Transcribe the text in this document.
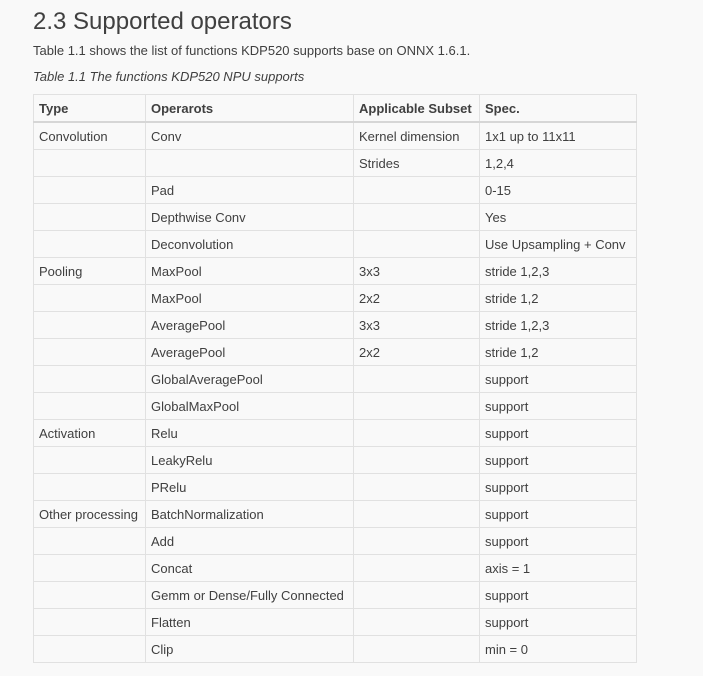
2.3 Supported operators

Table 1.1 shows the list of functions KDP520 supports base on ONNX 1.6.1.

Table 1.1 The functions KDP520 NPU supports

Type	Operarots	Applicable Subset	Spec.
Convolution	Conv	Kernel dimension	1x1 up to 11x11
		Strides	1,2,4
	Pad		0-15
	Depthwise Conv		Yes
	Deconvolution		Use Upsampling + Conv
Pooling	MaxPool	3x3	stride 1,2,3
	MaxPool	2x2	stride 1,2
	AveragePool	3x3	stride 1,2,3
	AveragePool	2x2	stride 1,2
	GlobalAveragePool		support
	GlobalMaxPool		support
Activation	Relu		support
	LeakyRelu		support
	PRelu		support
Other processing	BatchNormalization		support
	Add		support
	Concat		axis = 1
	Gemm or Dense/Fully Connected		support
	Flatten		support
	Clip		min = 0
